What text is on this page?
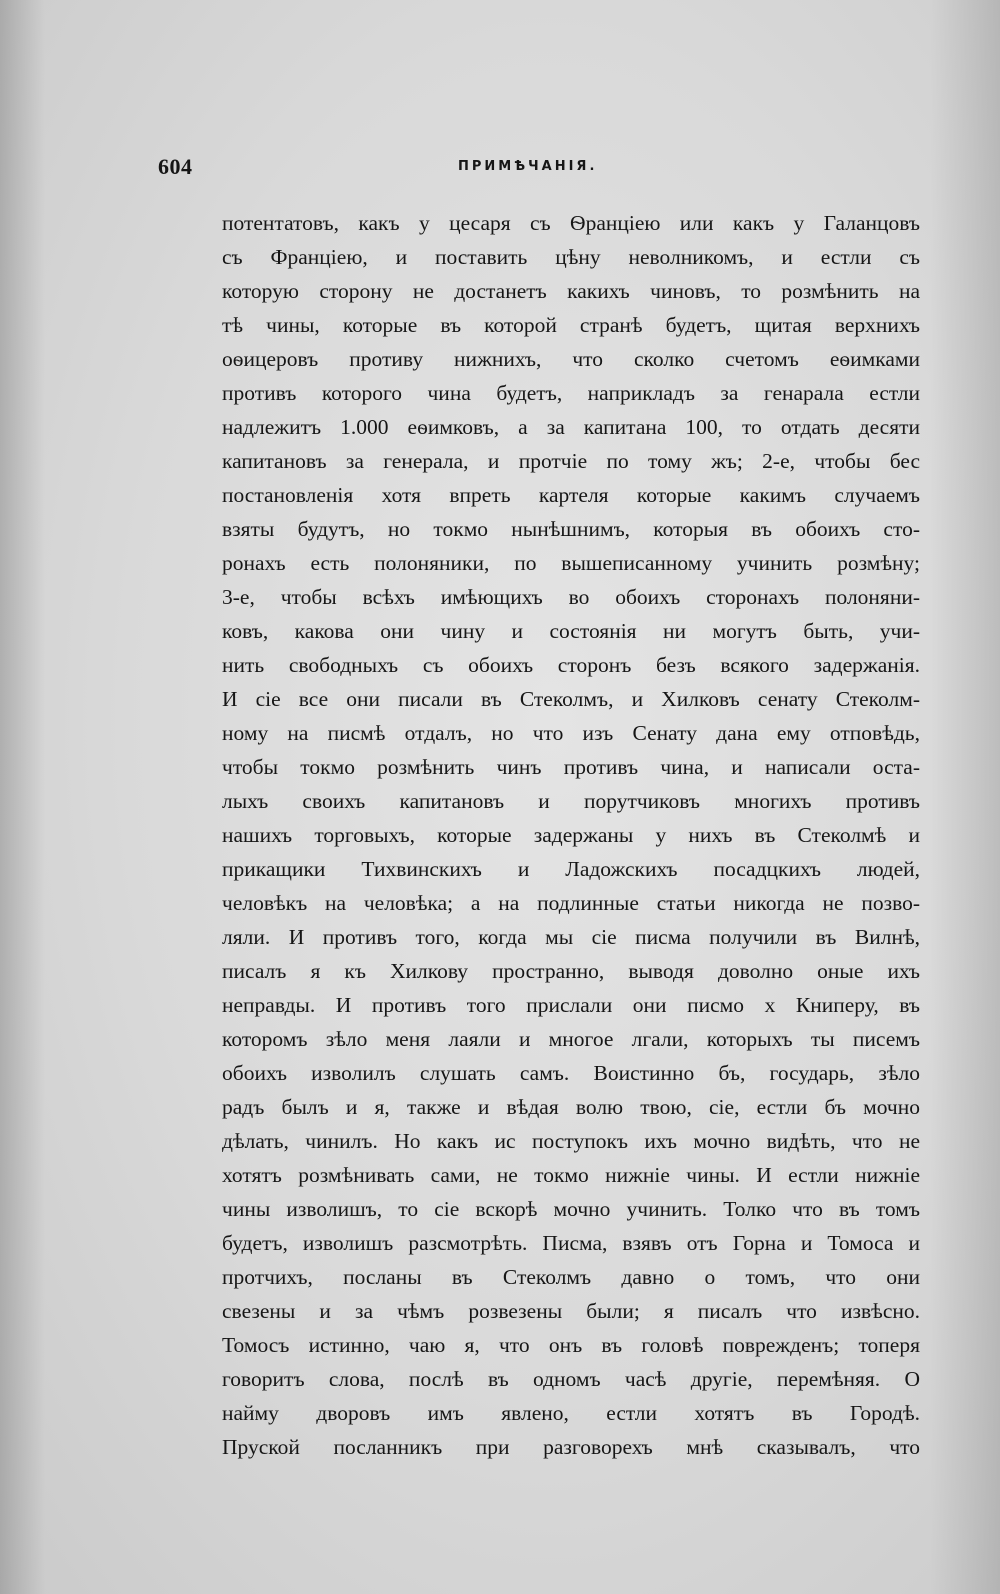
604	ПРИМѢЧАНIЯ.
потентатовъ, какъ у цесаря съ Ѳранціею или какъ у Галанцовъ
съ Франціею, и поставить цѣну неволникомъ, и естли съ
которую сторону не достанетъ какихъ чиновъ, то розмѣнить на
тѣ чины, которые въ которой странѣ будетъ, щитая верхнихъ
оѳицеровъ противу нижнихъ, что сколко счетомъ еѳимками
противъ которого чина будетъ, наприкладъ за генарала естли
надлежитъ 1.000 еѳимковъ, а за капитана 100, то отдать десяти
капитановъ за генерала, и протчіе по тому жъ; 2-е, чтобы бес
постановленія хотя впреть картеля которые какимъ случаемъ
взяты будутъ, но токмо нынѣшнимъ, которыя въ обоихъ сто-
ронахъ есть полоняники, по вышеписанному учинить розмѣну;
3-е, чтобы всѣхъ имѣющихъ во обоихъ сторонахъ полоняни-
ковъ, какова они чину и состоянія ни могутъ быть, учи-
нить свободныхъ съ обоихъ сторонъ безъ всякого задержанія.
И сіе все они писали въ Стеколмъ, и Хилковъ сенату Стеколм-
ному на писмѣ отдалъ, но что изъ Сенату дана ему отповѣдь,
чтобы токмо розмѣнить чинъ противъ чина, и написали оста-
лыхъ своихъ капитановъ и порутчиковъ многихъ противъ
нашихъ торговыхъ, которые задержаны у нихъ въ Стеколмѣ и
прикащики Тихвинскихъ и Ладожскихъ посадцкихъ людей,
человѣкъ на человѣка; а на подлинные статьи никогда не позво-
ляли. И противъ того, когда мы сіе писма получили въ Вилнѣ,
писалъ я къ Хилкову пространно, выводя доволно оные ихъ
неправды. И противъ того прислали они писмо х Книперу, въ
которомъ зѣло меня лаяли и многое лгали, которыхъ ты писемъ
обоихъ изволилъ слушать самъ. Воистинно бъ, государь, зѣло
радъ былъ и я, также и вѣдая волю твою, сіе, естли бъ мочно
дѣлать, чинилъ. Но какъ ис поступокъ ихъ мочно видѣть, что не
хотятъ розмѣнивать сами, не токмо нижніе чины. И естли нижніе
чины изволишъ, то сіе вскорѣ мочно учинить. Толко что въ томъ
будетъ, изволишъ разсмотрѣть. Писма, взявъ отъ Горна и Томоса и
протчихъ, посланы въ Стеколмъ давно о томъ, что они
свезены и за чѣмъ розвезены были; я писалъ что извѣсно.
Томосъ истинно, чаю я, что онъ въ головѣ поврежденъ; топеря
говоритъ слова, послѣ въ одномъ часѣ другіе, перемѣняя. О
найму дворовъ имъ явлено, естли хотятъ въ Городѣ.
Пруской посланникъ при разговорехъ мнѣ сказывалъ, что
